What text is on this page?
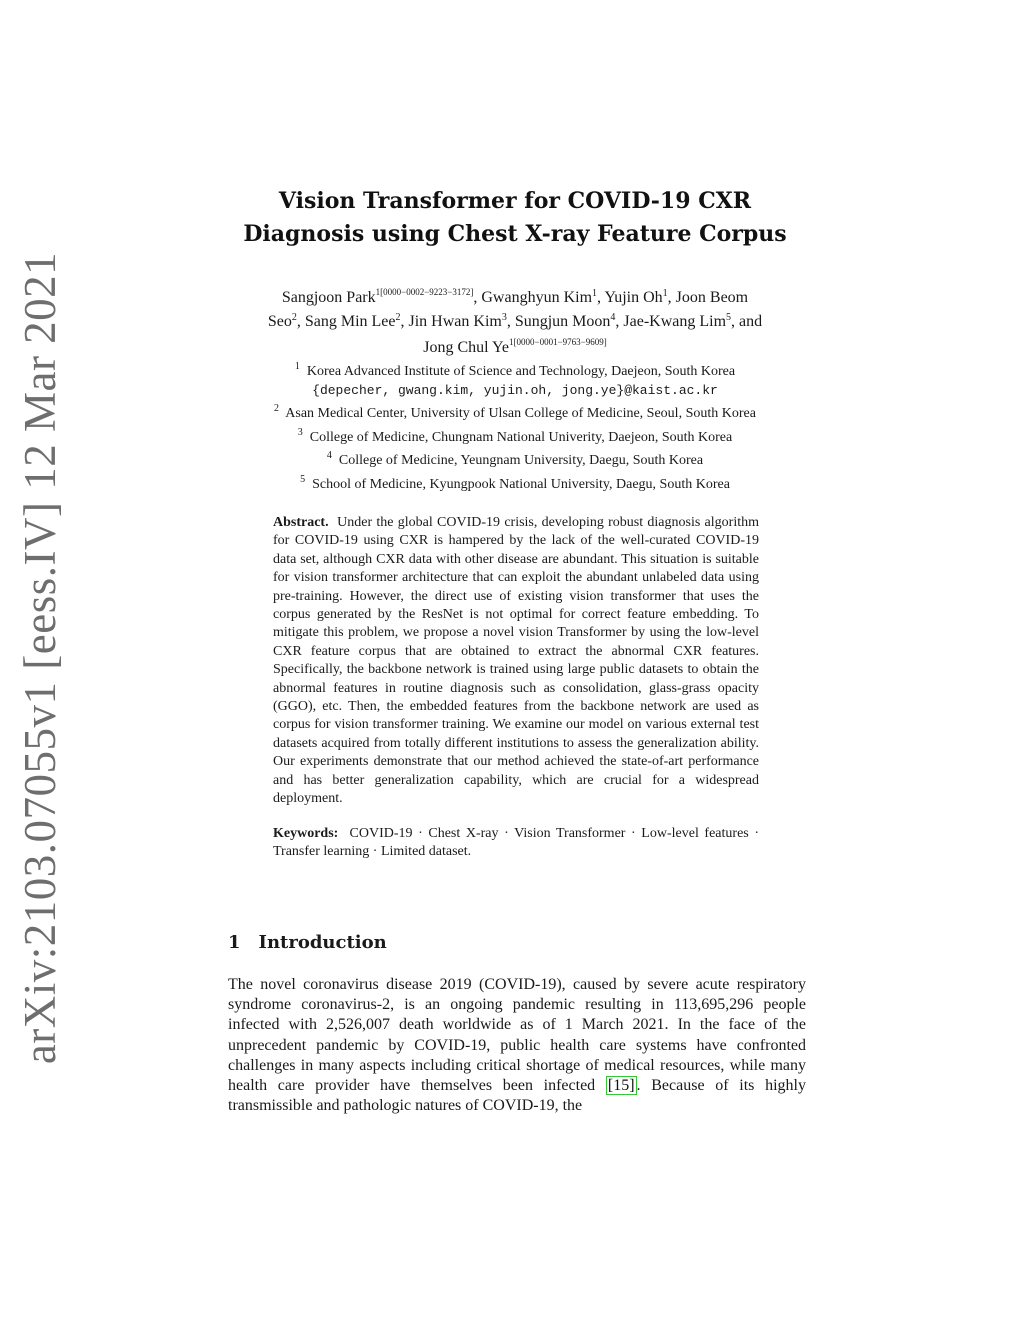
arXiv:2103.07055v1 [eess.IV] 12 Mar 2021
Vision Transformer for COVID-19 CXR
Diagnosis using Chest X-ray Feature Corpus
Sangjoon Park$^{1[0000-0002-9223-3172]}$, Gwanghyun Kim$^1$, Yujin Oh$^1$, Joon Beom
Seo$^2$, Sang Min Lee$^2$, Jin Hwan Kim$^3$, Sungjun Moon$^4$, Jae-Kwang Lim$^5$, and
Jong Chul $Ye^{1[0000-0001-9763-9609]}$
$^1$ Korea Advanced Institute of Science and Technology, Daejeon, South Korea
{depecher, gwang.kim, yujin.oh, jong.ye}@kaist.ac.kr
$^2$ Asan Medical Center, University of Ulsan College of Medicine, Seoul, South Korea
$^3$ College of Medicine, Chungnam National Univerity, Daejeon, South Korea
$^4$ College of Medicine, Yeungnam University, Daegu, South Korea
$^5$ School of Medicine, Kyungpook National University, Daegu, South Korea

Abstract. Under the global COVID-19 crisis, developing robust diagnosis algorithm for COVID-19 using CXR is hampered by the lack of the well-curated COVID-19 data set, although CXR data with other disease are abundant. This situation is suitable for vision transformer architecture that can exploit the abundant unlabeled data using pre-training. However, the direct use of existing vision transformer that uses the corpus generated by the ResNet is not optimal for correct feature embedding. To mitigate this problem, we propose a novel vision Transformer by using the low-level CXR feature corpus that are obtained to extract the abnormal CXR features. Specifically, the backbone network is trained using large public datasets to obtain the abnormal features in routine diagnosis such as consolidation, glass-grass opacity (GGO), etc. Then, the embedded features from the backbone network are used as corpus for vision transformer training. We examine our model on various external test datasets acquired from totally different institutions to assess the generalization ability. Our experiments demonstrate that our method achieved the state-of-art performance and has better generalization capability, which are crucial for a widespread deployment.

Keywords: COVID-19 · Chest X-ray · Vision Transformer · Low-level features · Transfer learning · Limited dataset.

1 Introduction

The novel coronavirus disease 2019 (COVID-19), caused by severe acute respiratory syndrome coronavirus-2, is an ongoing pandemic resulting in 113,695,296 people infected with 2,526,007 death worldwide as of 1 March 2021. In the face of the unprecedent pandemic by COVID-19, public health care systems have confronted challenges in many aspects including critical shortage of medical resources, while many health care provider have themselves been infected [15] . Because of its highly transmissible and pathologic natures of COVID-19, the
